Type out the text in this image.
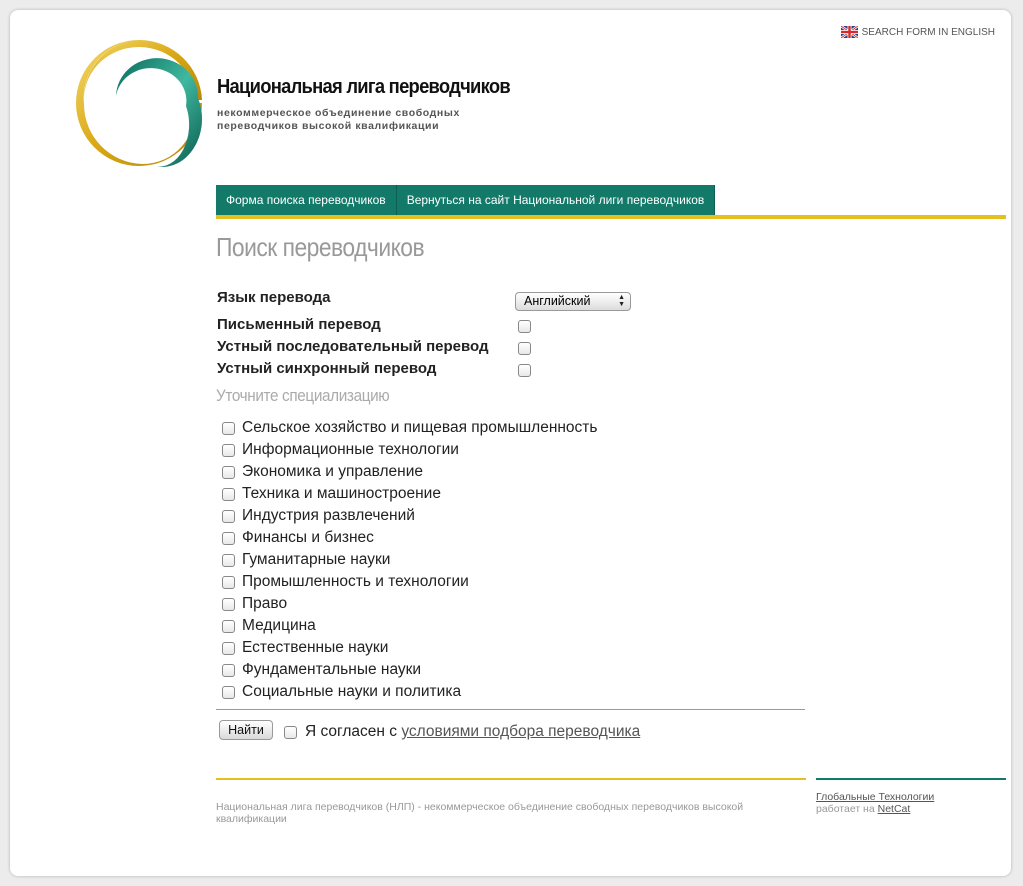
SEARCH FORM IN ENGLISH
Национальная лига переводчиков
некоммерческое объединение свободных переводчиков высокой квалификации
Форма поиска переводчиков	Вернуться на сайт Национальной лиги переводчиков
Поиск переводчиков
Язык перевода	Английский	▲
▼
Письменный перевод
Устный последовательный перевод
Устный синхронный перевод
Уточните специализацию
Сельское хозяйство и пищевая промышленность
Информационные технологии
Экономика и управление
Техника и машиностроение
Индустрия развлечений
Финансы и бизнес
Гуманитарные науки
Промышленность и технологии
Право
Медицина
Естественные науки
Фундаментальные науки
Социальные науки и политика
Найти	Я согласен с условиями подбора переводчика
Национальная лига переводчиков (НЛП) - некоммерческое объединение свободных переводчиков высокой квалификации
Глобальные Технологии
работает на NetCat
